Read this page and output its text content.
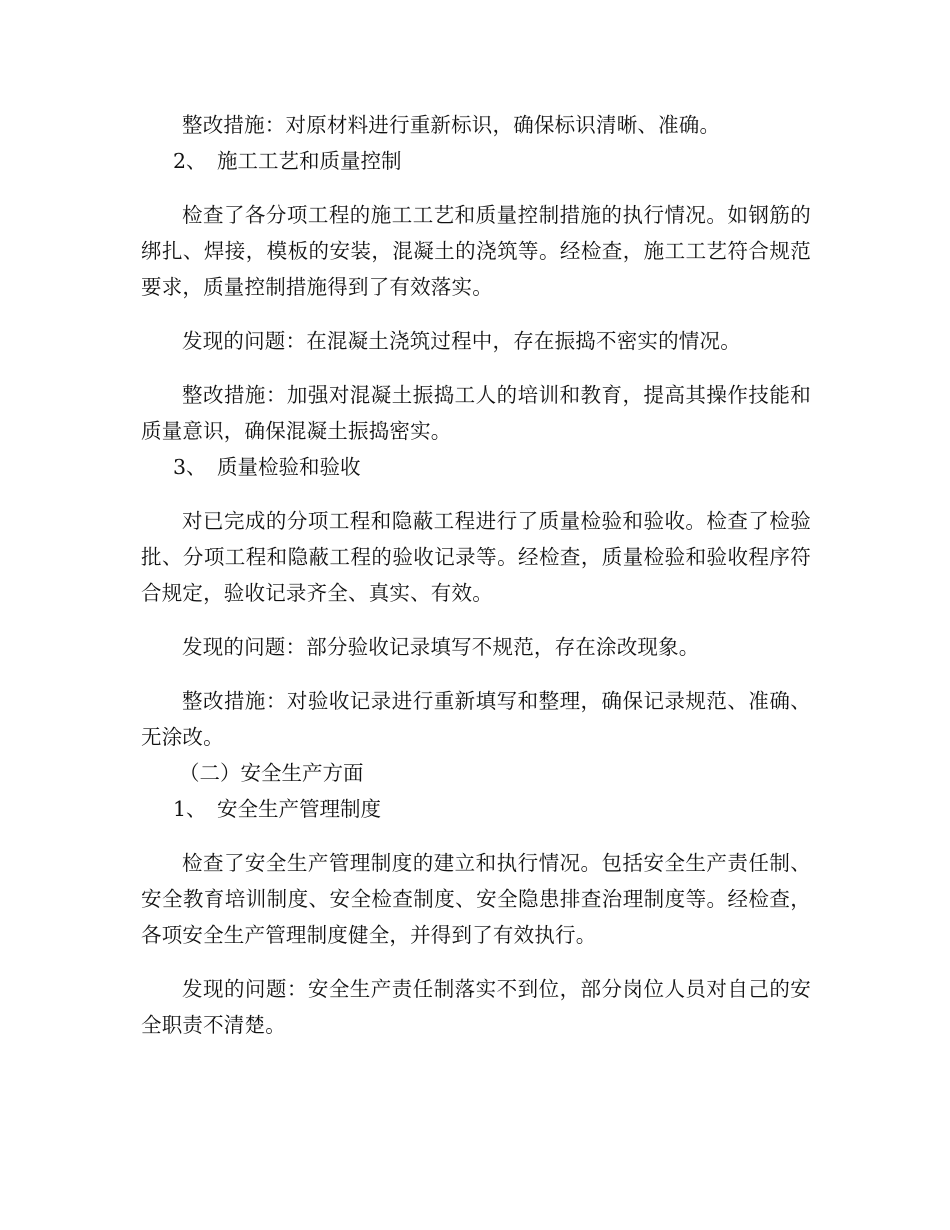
整改措施：对原材料进行重新标识，确保标识清晰、准确。

2、 施工工艺和质量控制

检查了各分项工程的施工工艺和质量控制措施的执行情况。如钢筋的绑扎、焊接，模板的安装，混凝土的浇筑等。经检查，施工工艺符合规范要求，质量控制措施得到了有效落实。

发现的问题：在混凝土浇筑过程中，存在振捣不密实的情况。

整改措施：加强对混凝土振捣工人的培训和教育，提高其操作技能和质量意识，确保混凝土振捣密实。

3、 质量检验和验收

对已完成的分项工程和隐蔽工程进行了质量检验和验收。检查了检验批、分项工程和隐蔽工程的验收记录等。经检查，质量检验和验收程序符合规定，验收记录齐全、真实、有效。

发现的问题：部分验收记录填写不规范，存在涂改现象。

整改措施：对验收记录进行重新填写和整理，确保记录规范、准确、无涂改。

（二）安全生产方面

1、 安全生产管理制度

检查了安全生产管理制度的建立和执行情况。包括安全生产责任制、安全教育培训制度、安全检查制度、安全隐患排查治理制度等。经检查，各项安全生产管理制度健全，并得到了有效执行。

发现的问题：安全生产责任制落实不到位，部分岗位人员对自己的安全职责不清楚。
